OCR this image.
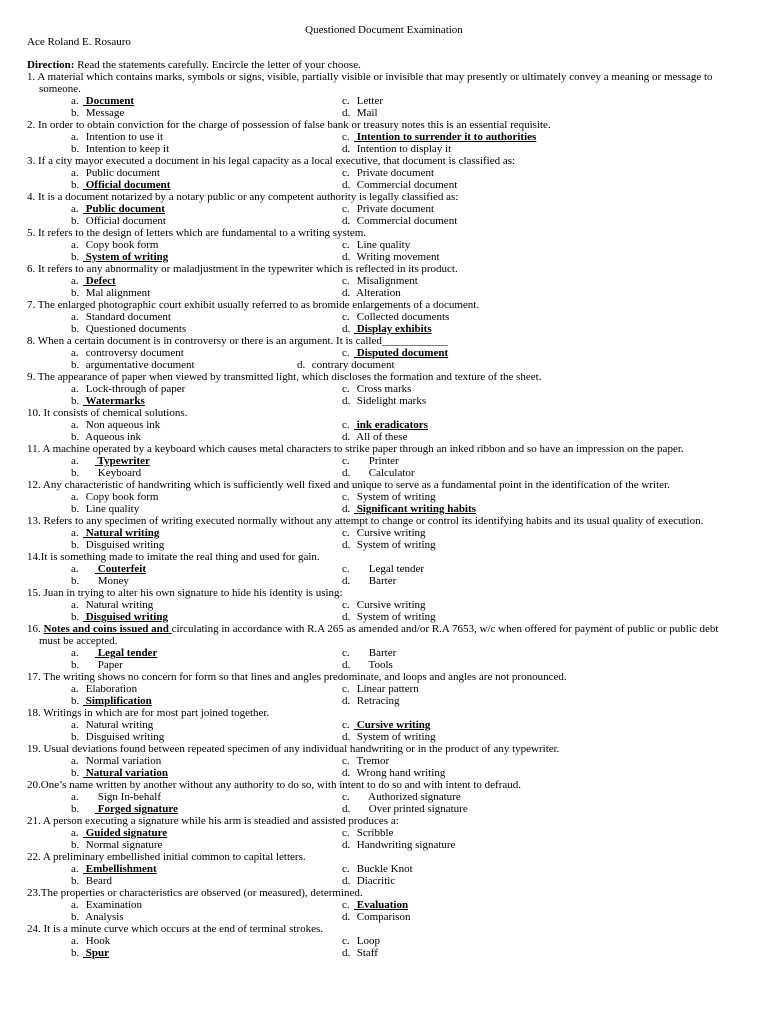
Questioned Document Examination
Ace Roland E. Rosauro
Direction: Read the statements carefully. Encircle the letter of your choose.
1. A material which contains marks, symbols or signs, visible, partially visible or invisible that may presently or ultimately convey a meaning or message to someone.
a. Document
b. Message
c. Letter
d. Mail
2. In order to obtain conviction for the charge of possession of false bank or treasury notes this is an essential requisite.
a. Intention to use it
b. Intention to keep it
c. Intention to surrender it to authorities
d. Intention to display it
3. If a city mayor executed a document in his legal capacity as a local executive, that document is classified as:
a. Public document
b. Official document
c. Private document
d. Commercial document
4. It is a document notarized by a notary public or any competent authority is legally classified as:
a. Public document
b. Official document
c. Private document
d. Commercial document
5. It refers to the design of letters which are fundamental to a writing system.
a. Copy book form
b. System of writing
c. Line quality
d. Writing movement
6. It refers to any abnormality or maladjustment in the typewriter which is reflected in its product.
a. Defect
b. Mal alignment
c. Misalignment
d. Alteration
7. The enlarged photographic court exhibit usually referred to as bromide enlargements of a document.
a. Standard document
b. Questioned documents
c. Collected documents
d. Display exhibits
8. When a certain document is in controversy or there is an argument. It is called____________
a. controversy document
b. argumentative document
c. Disputed document
d. contrary document
9. The appearance of paper when viewed by transmitted light, which discloses the formation and texture of the sheet.
a. Lock-through of paper
b. Watermarks
c. Cross marks
d. Sidelight marks
10. It consists of chemical solutions.
a. Non aqueous ink
b. Aqueous ink
c. ink eradicators
d. All of these
11. A machine operated by a keyboard which causes metal characters to strike paper through an inked ribbon and so have an impression on the paper.
a. Typewriter
b. Keyboard
c. Printer
d. Calculator
12. Any characteristic of handwriting which is sufficiently well fixed and unique to serve as a fundamental point in the identification of the writer.
a. Copy book form
b. Line quality
c. System of writing
d. Significant writing habits
13. Refers to any specimen of writing executed normally without any attempt to change or control its identifying habits and its usual quality of execution.
a. Natural writing
b. Disguised writing
c. Cursive writing
d. System of writing
14.It is something made to imitate the real thing and used for gain.
a. Couterfeit
b. Money
c. Legal tender
d. Barter
15. Juan in trying to alter his own signature to hide his identity is using:
a. Natural writing
b. Disguised writing
c. Cursive writing
d. System of writing
16. Notes and coins issued and circulating in accordance with R.A 265 as amended and/or R.A 7653, w/c when offered for payment of public or public debt must be accepted.
a. Legal tender
b. Paper
c. Barter
d. Tools
17. The writing shows no concern for form so that lines and angles predominate, and loops and angles are not pronounced.
a. Elaboration
b. Simplification
c. Linear pattern
d. Retracing
18. Writings in which are for most part joined together.
a. Natural writing
b. Disguised writing
c. Cursive writing
d. System of writing
19. Usual deviations found between repeated specimen of any individual handwriting or in the product of any typewriter.
a. Normal variation
b. Natural variation
c. Tremor
d. Wrong hand writing
20.One’s name written by another without any authority to do so, with intent to do so and with intent to defraud.
a. Sign In-behalf
b. Forged signature
c. Authorized signature
d. Over printed signature
21. A person executing a signature while his arm is steadied and assisted produces a:
a. Guided signature
b. Normal signature
c. Scribble
d. Handwriting signature
22. A preliminary embellished initial common to capital letters.
a. Embellishment
b. Beard
c. Buckle Knot
d. Diacritic
23.The properties or characteristics are observed (or measured), determined.
a. Examination
b. Analysis
c. Evaluation
d. Comparison
24. It is a minute curve which occurs at the end of terminal strokes.
a. Hook
b. Spur
c. Loop
d. Staff
